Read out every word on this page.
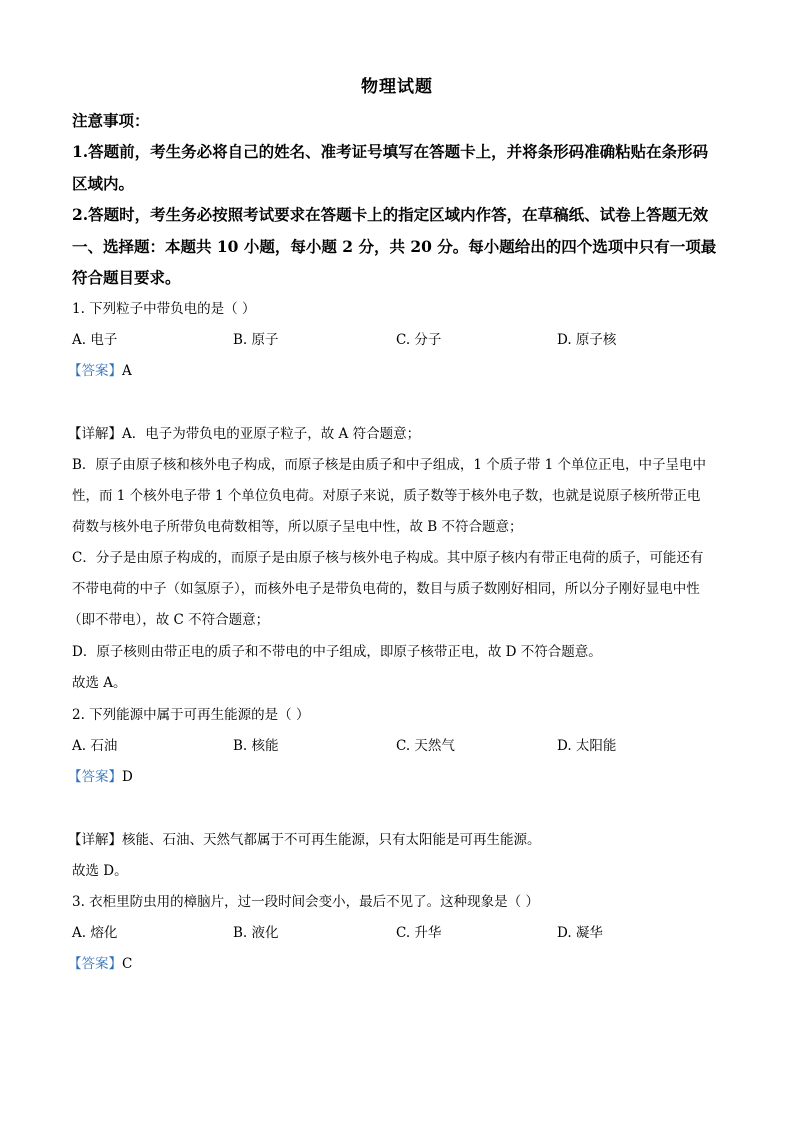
物理试题
注意事项：
1.答题前，考生务必将自己的姓名、准考证号填写在答题卡上，并将条形码准确粘贴在条形码
区域内。
2.答题时，考生务必按照考试要求在答题卡上的指定区域内作答，在草稿纸、试卷上答题无效
一、选择题：本题共 10 小题，每小题 2 分，共 20 分。每小题给出的四个选项中只有一项最
符合题目要求。
1. 下列粒子中带负电的是（ ）
A. 电子	B. 原子	C. 分子	D. 原子核
【答案】A
【详解】A．电子为带负电的亚原子粒子，故 A 符合题意；
B．原子由原子核和核外电子构成，而原子核是由质子和中子组成，1 个质子带 1 个单位正电，中子呈电中
性，而 1 个核外电子带 1 个单位负电荷。对原子来说，质子数等于核外电子数，也就是说原子核所带正电
荷数与核外电子所带负电荷数相等，所以原子呈电中性，故 B 不符合题意；
C．分子是由原子构成的，而原子是由原子核与核外电子构成。其中原子核内有带正电荷的质子，可能还有
不带电荷的中子（如氢原子），而核外电子是带负电荷的，数目与质子数刚好相同，所以分子刚好显电中性
（即不带电），故 C 不符合题意；
D．原子核则由带正电的质子和不带电的中子组成，即原子核带正电，故 D 不符合题意。
故选 A。
2. 下列能源中属于可再生能源的是（ ）
A. 石油	B. 核能	C. 天然气	D. 太阳能
【答案】D
【详解】核能、石油、天然气都属于不可再生能源，只有太阳能是可再生能源。
故选 D。
3. 衣柜里防虫用的樟脑片，过一段时间会变小，最后不见了。这种现象是（ ）
A. 熔化	B. 液化	C. 升华	D. 凝华
【答案】C
